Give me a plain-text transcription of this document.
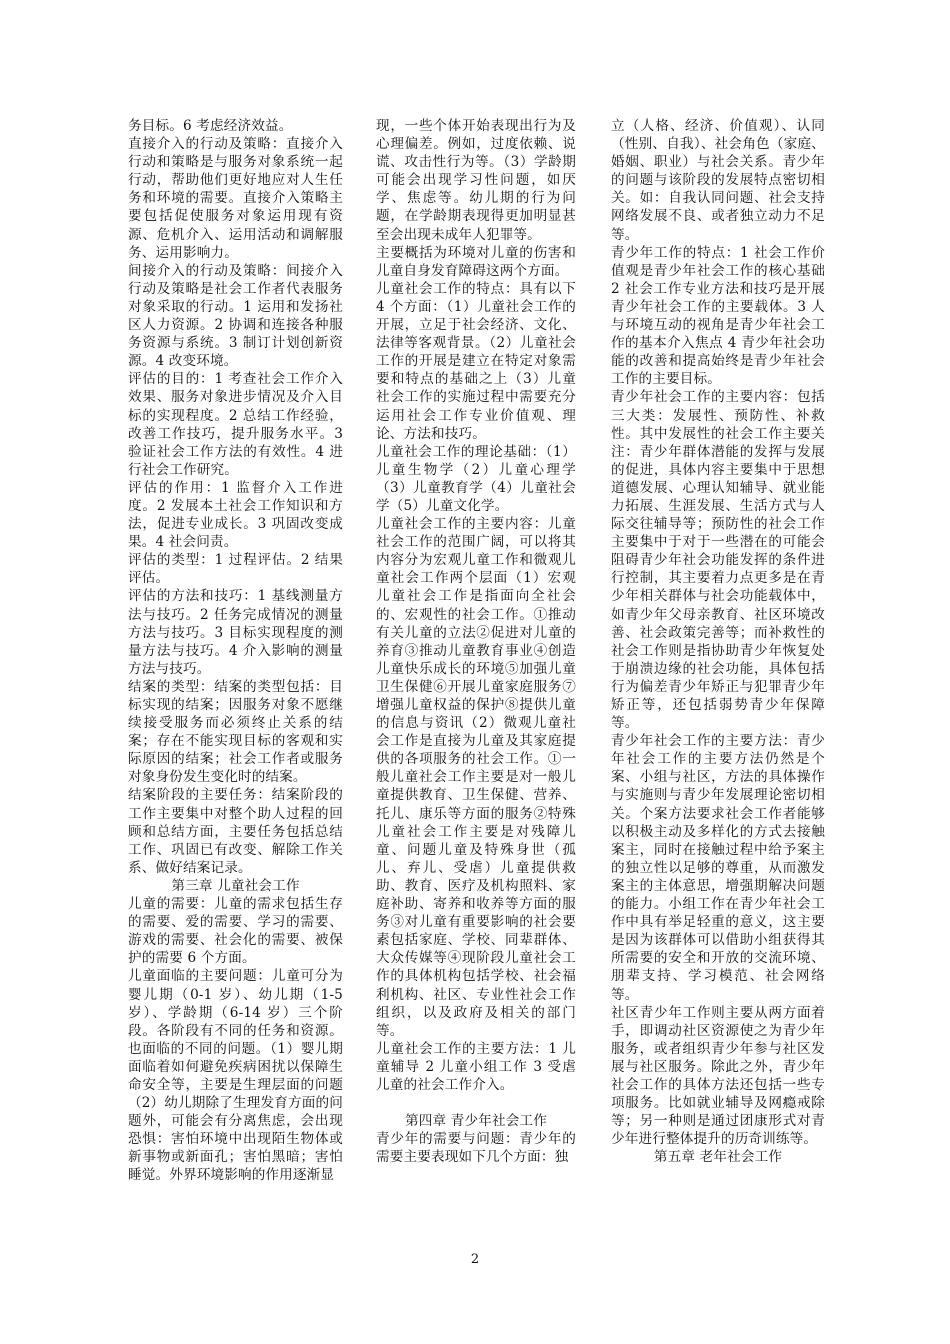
务目标。6 考虑经济效益。

直接介入的行动及策略：直接介入行动和策略是与服务对象系统一起行动，帮助他们更好地应对人生任务和环境的需要。直接介入策略主要包括促使服务对象运用现有资源、危机介入、运用活动和调解服务、运用影响力。

间接介入的行动及策略：间接介入行动及策略是社会工作者代表服务对象采取的行动。1 运用和发扬社区人力资源。2 协调和连接各种服务资源与系统。3 制订计划创新资源。4 改变环境。

评估的目的：1 考查社会工作介入效果、服务对象进步情况及介入目标的实现程度。2 总结工作经验，改善工作技巧，提升服务水平。3 验证社会工作方法的有效性。4 进行社会工作研究。

评估的作用：1 监督介入工作进度。2 发展本土社会工作知识和方法，促进专业成长。3 巩固改变成果。4 社会问责。

评估的类型：1 过程评估。2 结果评估。

评估的方法和技巧：1 基线测量方法与技巧。2 任务完成情况的测量方法与技巧。3 目标实现程度的测量方法与技巧。4 介入影响的测量方法与技巧。

结案的类型：结案的类型包括：目标实现的结案；因服务对象不愿继续接受服务而必须终止关系的结案；存在不能实现目标的客观和实际原因的结案；社会工作者或服务对象身份发生变化时的结案。

结案阶段的主要任务：结案阶段的工作主要集中对整个助人过程的回顾和总结方面，主要任务包括总结工作、巩固已有改变、解除工作关系、做好结案记录。

第三章 儿童社会工作

儿童的需要：儿童的需求包括生存的需要、爱的需要、学习的需要、游戏的需要、社会化的需要、被保护的需要 6 个方面。

儿童面临的主要问题：儿童可分为婴儿期（0-1 岁）、幼儿期（1-5 岁）、学龄期（6-14 岁）三个阶段。各阶段有不同的任务和资源。也面临的不同的问题。（1）婴儿期面临着如何避免疾病困扰以保障生命安全等，主要是生理层面的问题（2）幼儿期除了生理发育方面的问题外，可能会有分离焦虑，会出现恐惧：害怕环境中出现陌生物体或新事物或新面孔；害怕黑暗；害怕睡觉。外界环境影响的作用逐渐显

现，一些个体开始表现出行为及心理偏差。例如，过度依赖、说谎、攻击性行为等。（3）学龄期可能会出现学习性问题，如厌学、焦虑等。幼儿期的行为问题，在学龄期表现得更加明显甚至会出现未成年人犯罪等。

主要概括为环境对儿童的伤害和儿童自身发育障碍这两个方面。

儿童社会工作的特点：具有以下 4 个方面：（1）儿童社会工作的开展，立足于社会经济、文化、法律等客观背景。（2）儿童社会工作的开展是建立在特定对象需要和特点的基础之上（3）儿童社会工作的实施过程中需要充分运用社会工作专业价值观、理论、方法和技巧。

儿童社会工作的理论基础：（1）儿童生物学（2）儿童心理学（3）儿童教育学（4）儿童社会学（5）儿童文化学。

儿童社会工作的主要内容：儿童社会工作的范围广阔，可以将其内容分为宏观儿童工作和微观儿童社会工作两个层面（1）宏观儿童社会工作是指面向全社会的、宏观性的社会工作。①推动有关儿童的立法②促进对儿童的养育③推动儿童教育事业④创造儿童快乐成长的环境⑤加强儿童卫生保健⑥开展儿童家庭服务⑦增强儿童权益的保护⑧提供儿童的信息与资讯（2）微观儿童社会工作是直接为儿童及其家庭提供的各项服务的社会工作。①一般儿童社会工作主要是对一般儿童提供教育、卫生保健、营养、托儿、康乐等方面的服务②特殊儿童社会工作主要是对残障儿童、问题儿童及特殊身世（孤儿、弃儿、受虐）儿童提供救助、教育、医疗及机构照料、家庭补助、寄养和收养等方面的服务③对儿童有重要影响的社会要素包括家庭、学校、同辈群体、大众传媒等④现阶段儿童社会工作的具体机构包括学校、社会福利机构、社区、专业性社会工作组织，以及政府及相关的部门等。

儿童社会工作的主要方法：1 儿童辅导 2 儿童小组工作 3 受虐儿童的社会工作介入。

第四章 青少年社会工作

青少年的需要与问题：青少年的需要主要表现如下几个方面：独

立（人格、经济、价值观）、认同（性别、自我）、社会角色（家庭、婚姻、职业）与社会关系。青少年的问题与该阶段的发展特点密切相关。如：自我认同问题、社会支持网络发展不良、或者独立动力不足等。

青少年工作的特点：1 社会工作价值观是青少年社会工作的核心基础 2 社会工作专业方法和技巧是开展青少年社会工作的主要载体。3 人与环境互动的视角是青少年社会工作的基本介入焦点 4 青少年社会功能的改善和提高始终是青少年社会工作的主要目标。

青少年社会工作的主要内容：包括三大类：发展性、预防性、补救性。其中发展性的社会工作主要关注：青少年群体潜能的发挥与发展的促进，具体内容主要集中于思想道德发展、心理认知辅导、就业能力拓展、生涯发展、生活方式与人际交往辅导等；预防性的社会工作主要集中于对于一些潜在的可能会阻碍青少年社会功能发挥的条件进行控制，其主要着力点更多是在青少年相关群体与社会功能载体中，如青少年父母亲教育、社区环境改善、社会政策完善等；而补救性的社会工作则是指协助青少年恢复处于崩溃边缘的社会功能，具体包括行为偏差青少年矫正与犯罪青少年矫正等，还包括弱势青少年保障等。

青少年社会工作的主要方法：青少年社会工作的主要方法仍然是个案、小组与社区，方法的具体操作与实施则与青少年发展理论密切相关。个案方法要求社会工作者能够以积极主动及多样化的方式去接触案主，同时在接触过程中给予案主的独立性以足够的尊重，从而激发案主的主体意思，增强期解决问题的能力。小组工作在青少年社会工作中具有举足轻重的意义，这主要是因为该群体可以借助小组获得其所需要的安全和开放的交流环境、朋辈支持、学习模范、社会网络等。

社区青少年工作则主要从两方面着手，即调动社区资源使之为青少年服务，或者组织青少年参与社区发展与社区服务。除此之外，青少年社会工作的具体方法还包括一些专项服务。比如就业辅导及网瘾戒除等；另一种则是通过团康形式对青少年进行整体提升的历奇训练等。

第五章 老年社会工作
2
